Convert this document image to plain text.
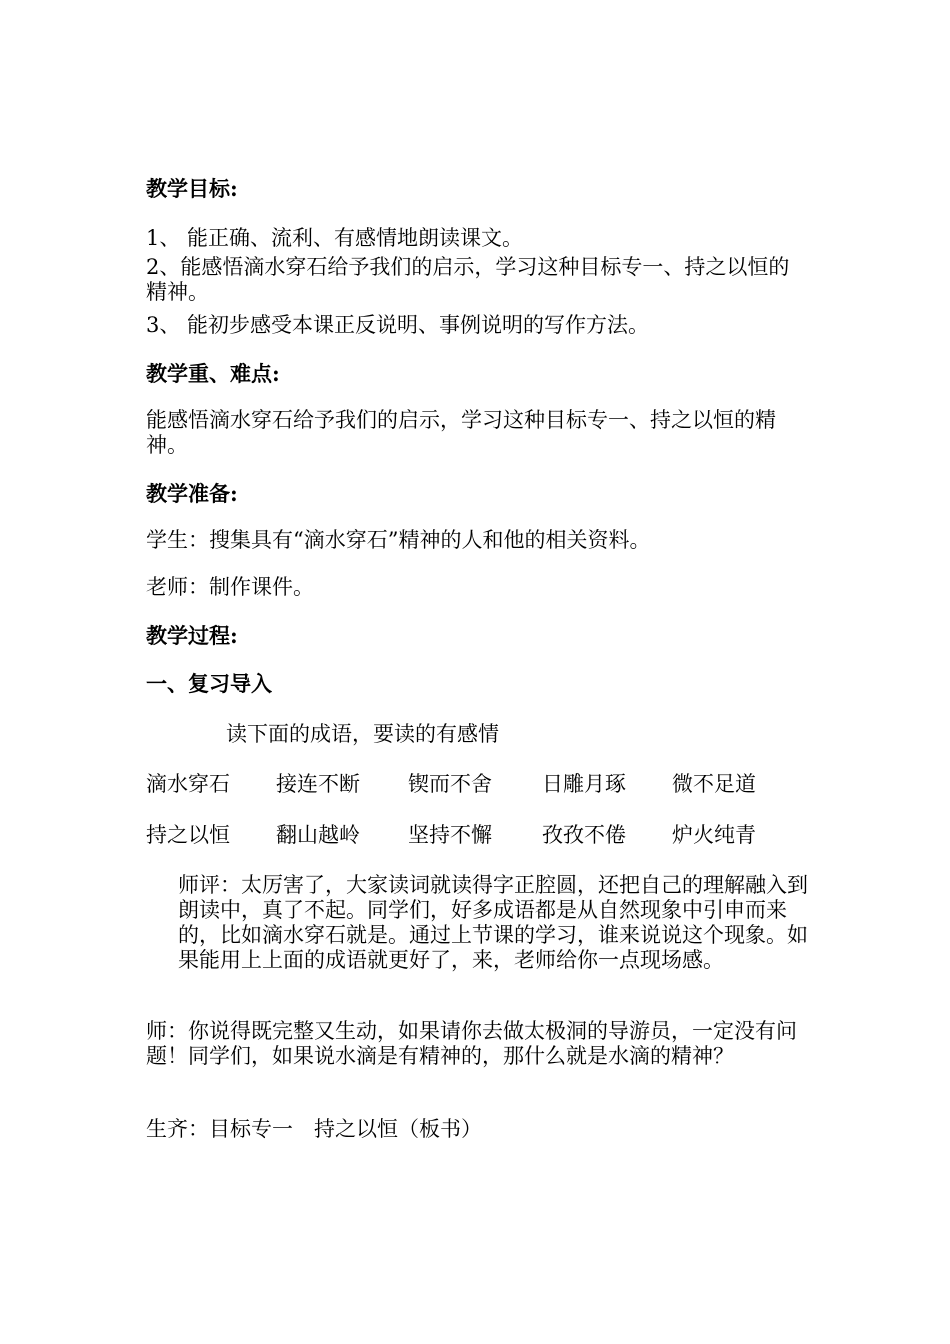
教学目标:
1、 能正确、流利、有感情地朗读课文。
2、能感悟滴水穿石给予我们的启示，学习这种目标专一、持之以恒的精神。
3、 能初步感受本课正反说明、事例说明的写作方法。
教学重、难点:
能感悟滴水穿石给予我们的启示，学习这种目标专一、持之以恒的精神。
教学准备:
学生：搜集具有“滴水穿石”精神的人和他的相关资料。
老师：制作课件。
教学过程:
一、复习导入
读下面的成语，要读的有感情
滴水穿石 接连不断 锲而不舍 日雕月琢 微不足道
持之以恒 翻山越岭 坚持不懈 孜孜不倦 炉火纯青
师评：太厉害了，大家读词就读得字正腔圆，还把自己的理解融入到朗读中，真了不起。同学们，好多成语都是从自然现象中引申而来的，比如滴水穿石就是。通过上节课的学习，谁来说说这个现象。如果能用上上面的成语就更好了，来，老师给你一点现场感。
师：你说得既完整又生动，如果请你去做太极洞的导游员，一定没有问题！同学们，如果说水滴是有精神的，那什么就是水滴的精神？
生齐：目标专一　持之以恒（板书）
